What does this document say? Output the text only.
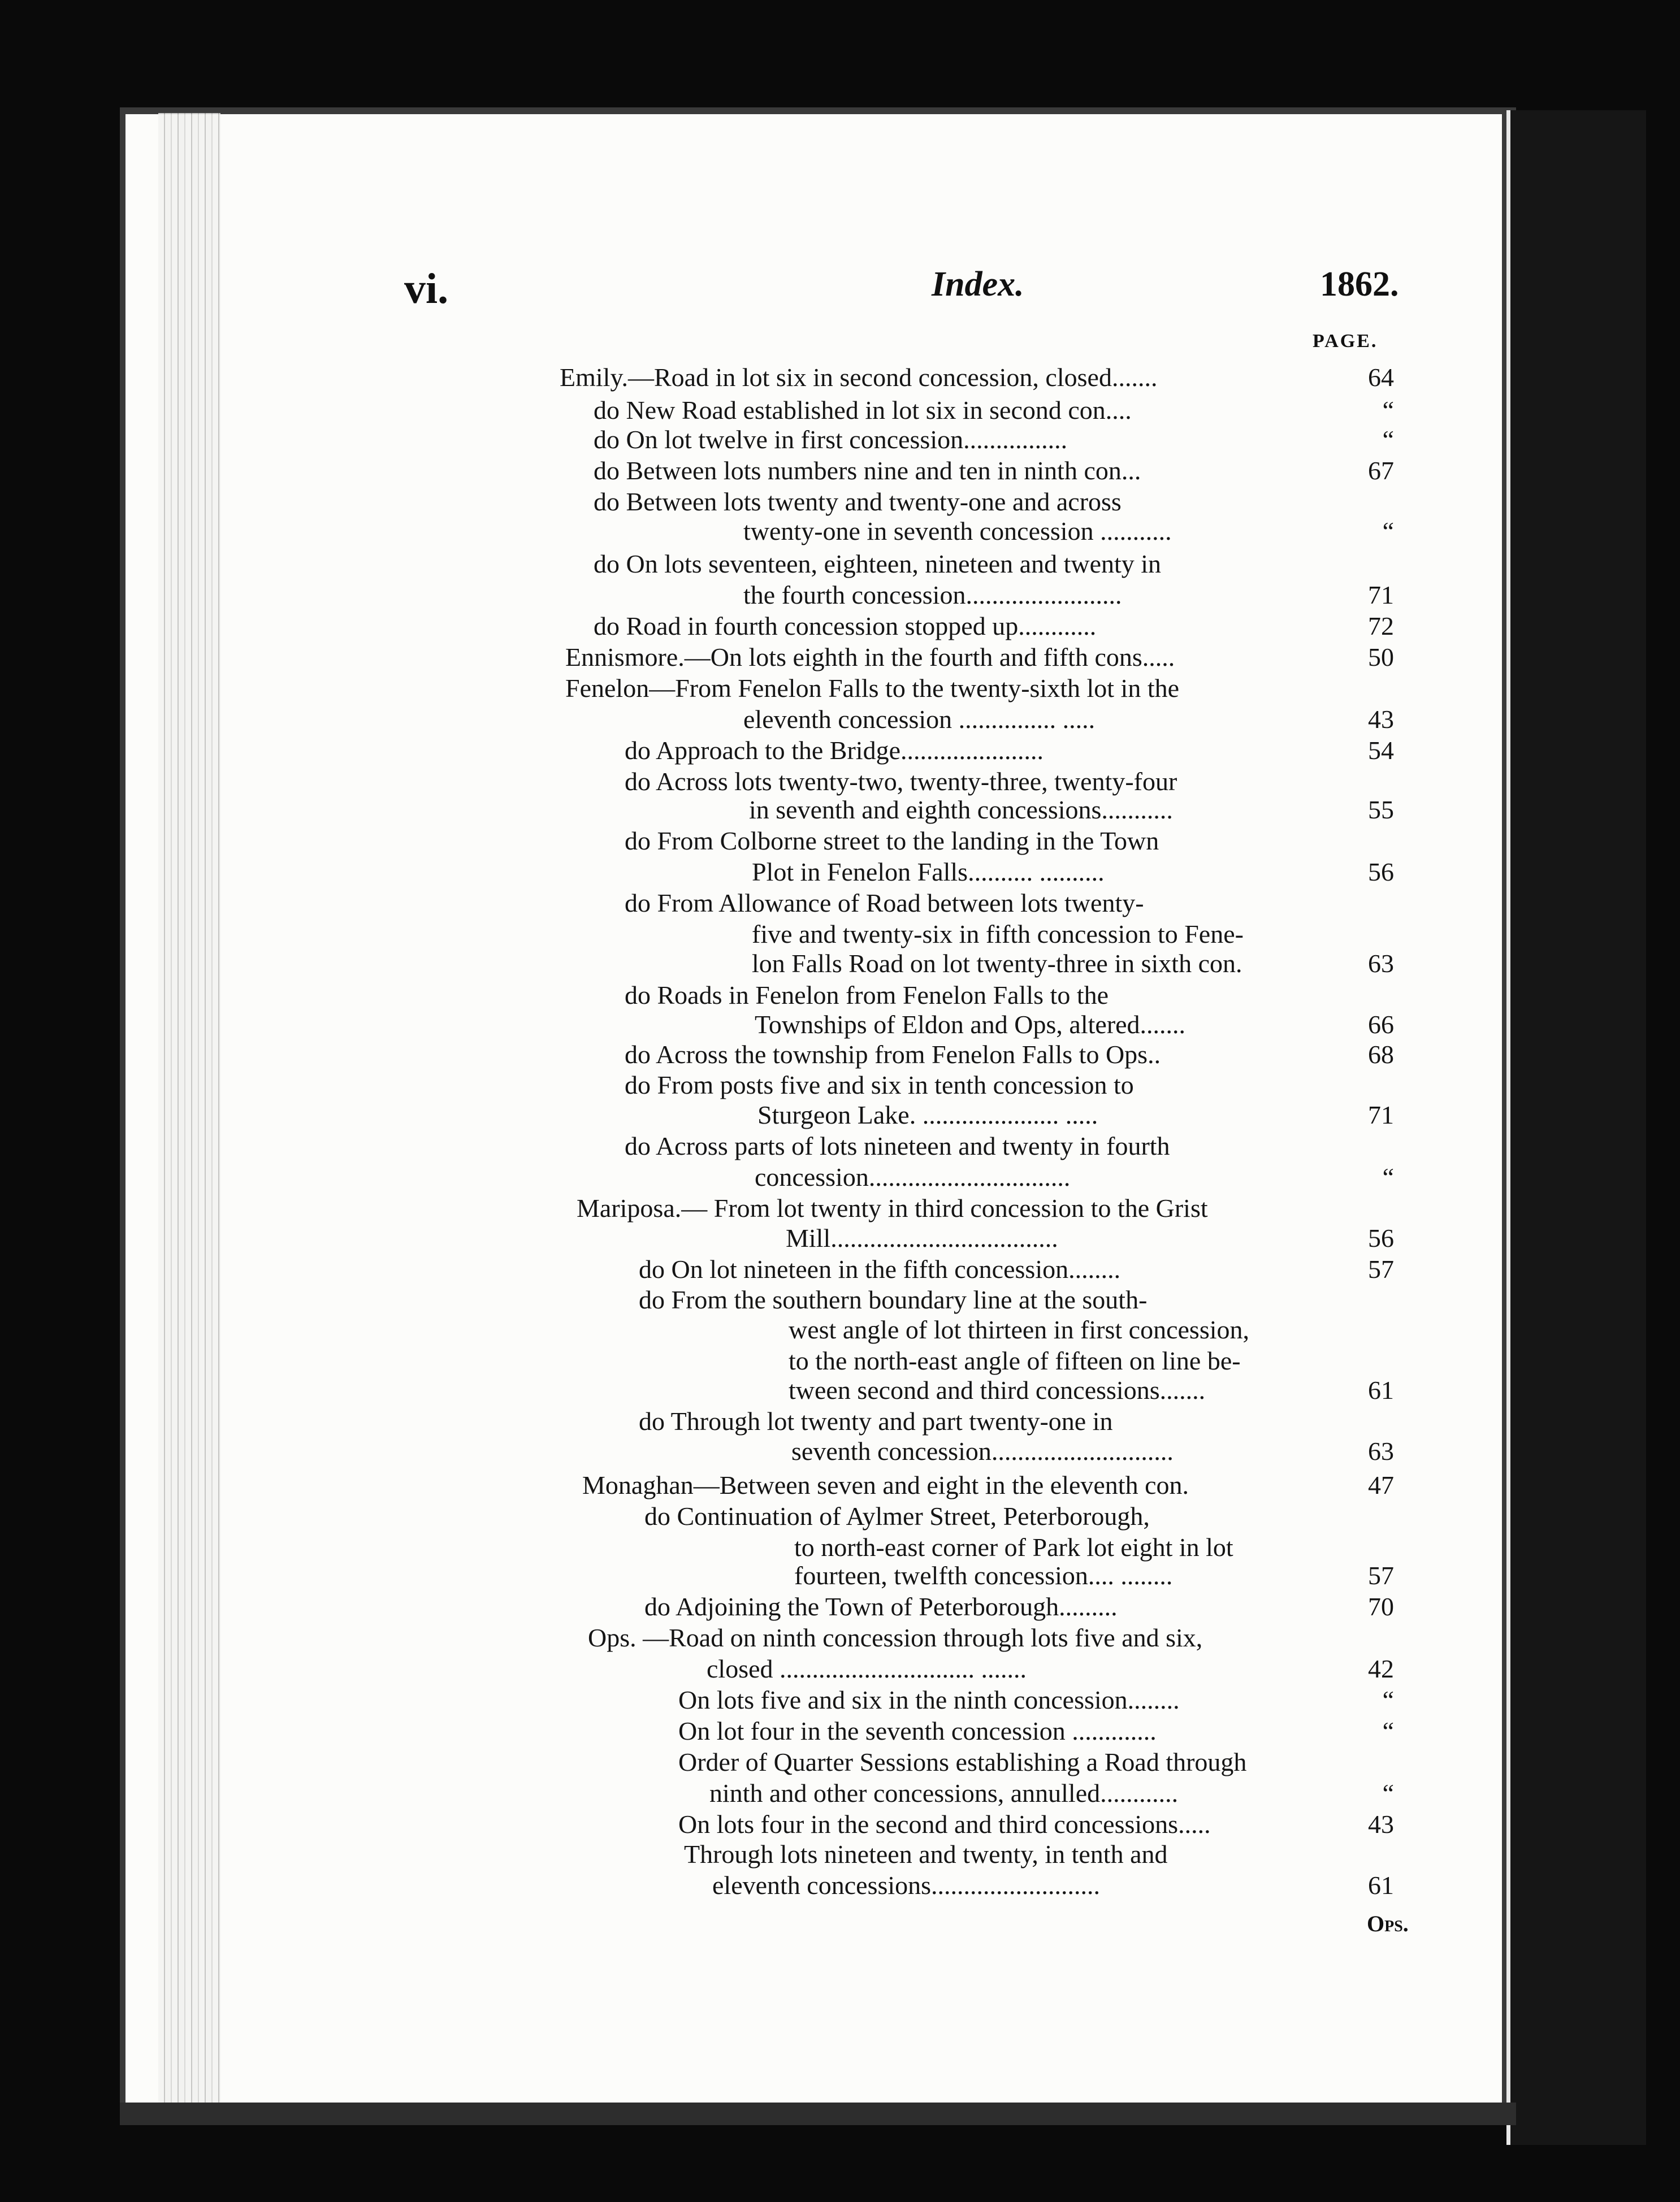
vi.	Index.	1862.
PAGE.
Emily.—Road in lot six in second concession, closed.......	64
do New Road established in lot six in second con....	“
do On lot twelve in first concession................	“
do Between lots numbers nine and ten in ninth con...	67
do Between lots twenty and twenty-one and across
twenty-one in seventh concession ...........	“
do On lots seventeen, eighteen, nineteen and twenty in
the fourth concession........................	71
do Road in fourth concession stopped up............	72
Ennismore.—On lots eighth in the fourth and fifth cons.....	50
Fenelon—From Fenelon Falls to the twenty-sixth lot in the
eleventh concession ............... .....	43
do Approach to the Bridge......................	54
do Across lots twenty-two, twenty-three, twenty-four
in seventh and eighth concessions...........	55
do From Colborne street to the landing in the Town
Plot in Fenelon Falls.......... ..........	56
do From Allowance of Road between lots twenty-
five and twenty-six in fifth concession to Fene-
lon Falls Road on lot twenty-three in sixth con.	63
do Roads in Fenelon from Fenelon Falls to the
Townships of Eldon and Ops, altered.......	66
do Across the township from Fenelon Falls to Ops..	68
do From posts five and six in tenth concession to
Sturgeon Lake. ..................... .....	71
do Across parts of lots nineteen and twenty in fourth
concession...............................	“
Mariposa.— From lot twenty in third concession to the Grist
Mill...................................	56
do On lot nineteen in the fifth concession........	57
do From the southern boundary line at the south-
west angle of lot thirteen in first concession,
to the north-east angle of fifteen on line be-
tween second and third concessions.......	61
do Through lot twenty and part twenty-one in
seventh concession............................	63
Monaghan—Between seven and eight in the eleventh con.	47
do Continuation of Aylmer Street, Peterborough,
to north-east corner of Park lot eight in lot
fourteen, twelfth concession.... ........	57
do Adjoining the Town of Peterborough.........	70
Ops. —Road on ninth concession through lots five and six,
closed .............................. .......	42
On lots five and six in the ninth concession........	“
On lot four in the seventh concession .............	“
Order of Quarter Sessions establishing a Road through
ninth and other concessions, annulled............	“
On lots four in the second and third concessions.....	43
Through lots nineteen and twenty, in tenth and
eleventh concessions..........................	61
Ops.
